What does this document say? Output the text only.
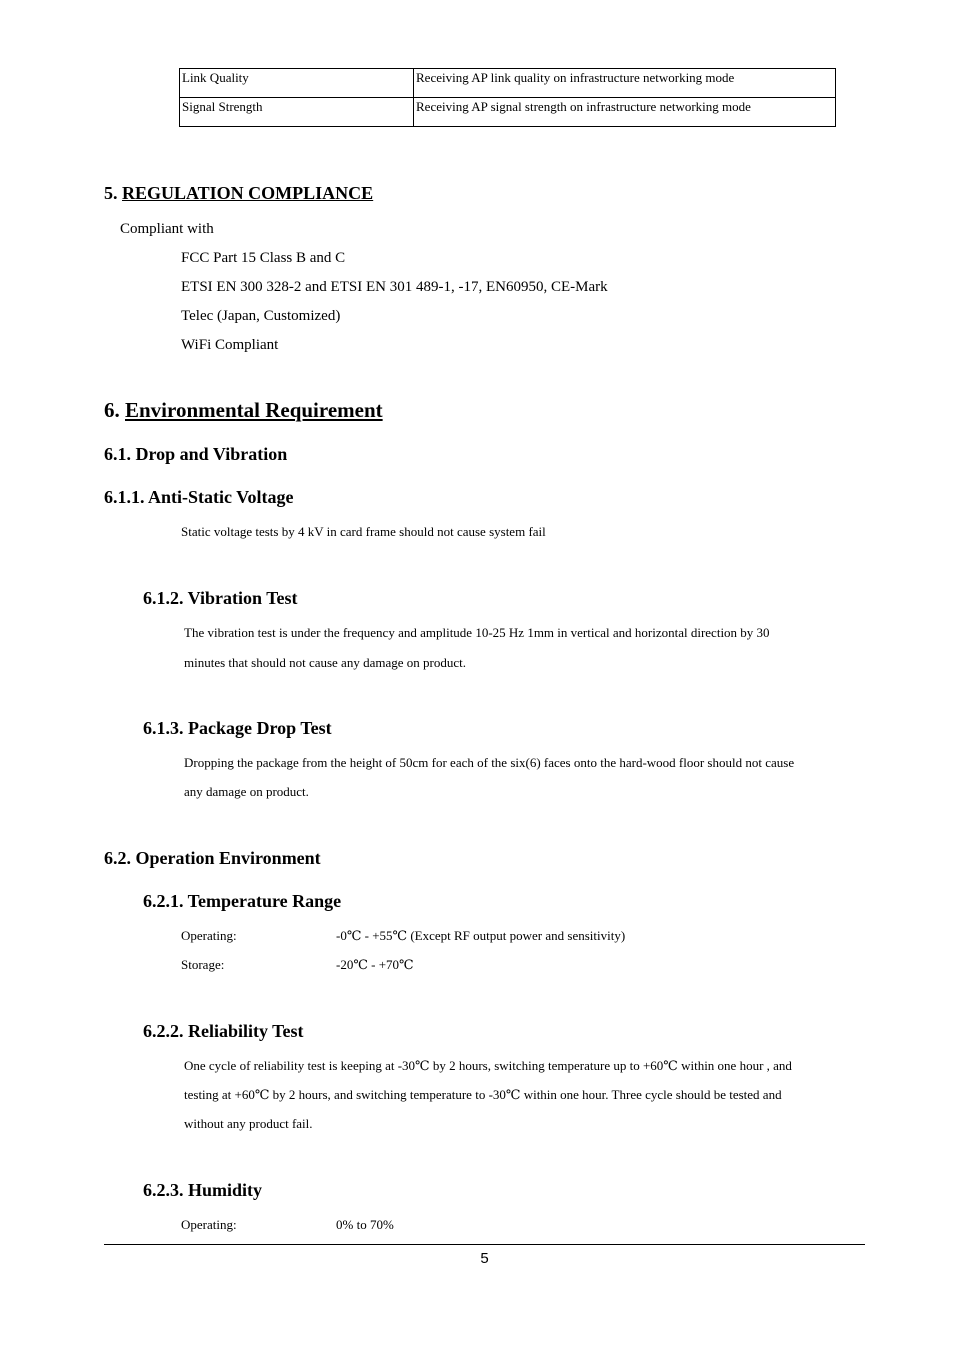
Link Quality	Receiving AP link quality on infrastructure networking mode
Signal Strength	Receiving AP signal strength on infrastructure networking mode
5. REGULATION COMPLIANCE
Compliant with
FCC Part 15 Class B and C
ETSI EN 300 328-2 and ETSI EN 301 489-1, -17, EN60950, CE-Mark
Telec (Japan, Customized)
WiFi Compliant
6. Environmental Requirement
6.1. Drop and Vibration
6.1.1. Anti-Static Voltage
Static voltage tests by 4 kV in card frame should not cause system fail
6.1.2. Vibration Test
The vibration test is under the frequency and amplitude 10-25 Hz 1mm in vertical and horizontal direction by 30
minutes that should not cause any damage on product.
6.1.3. Package Drop Test
Dropping the package from the height of 50cm for each of the six(6) faces onto the hard-wood floor should not cause
any damage on product.
6.2. Operation Environment
6.2.1. Temperature Range
Operating:	-0℃ - +55℃ (Except RF output power and sensitivity)
Storage:	-20℃ - +70℃
6.2.2. Reliability Test
One cycle of reliability test is keeping at -30℃ by 2 hours, switching temperature up to +60℃ within one hour , and
testing at +60℃ by 2 hours, and switching temperature to -30℃ within one hour. Three cycle should be tested and
without any product fail.
6.2.3. Humidity
Operating:	0% to 70%
5
